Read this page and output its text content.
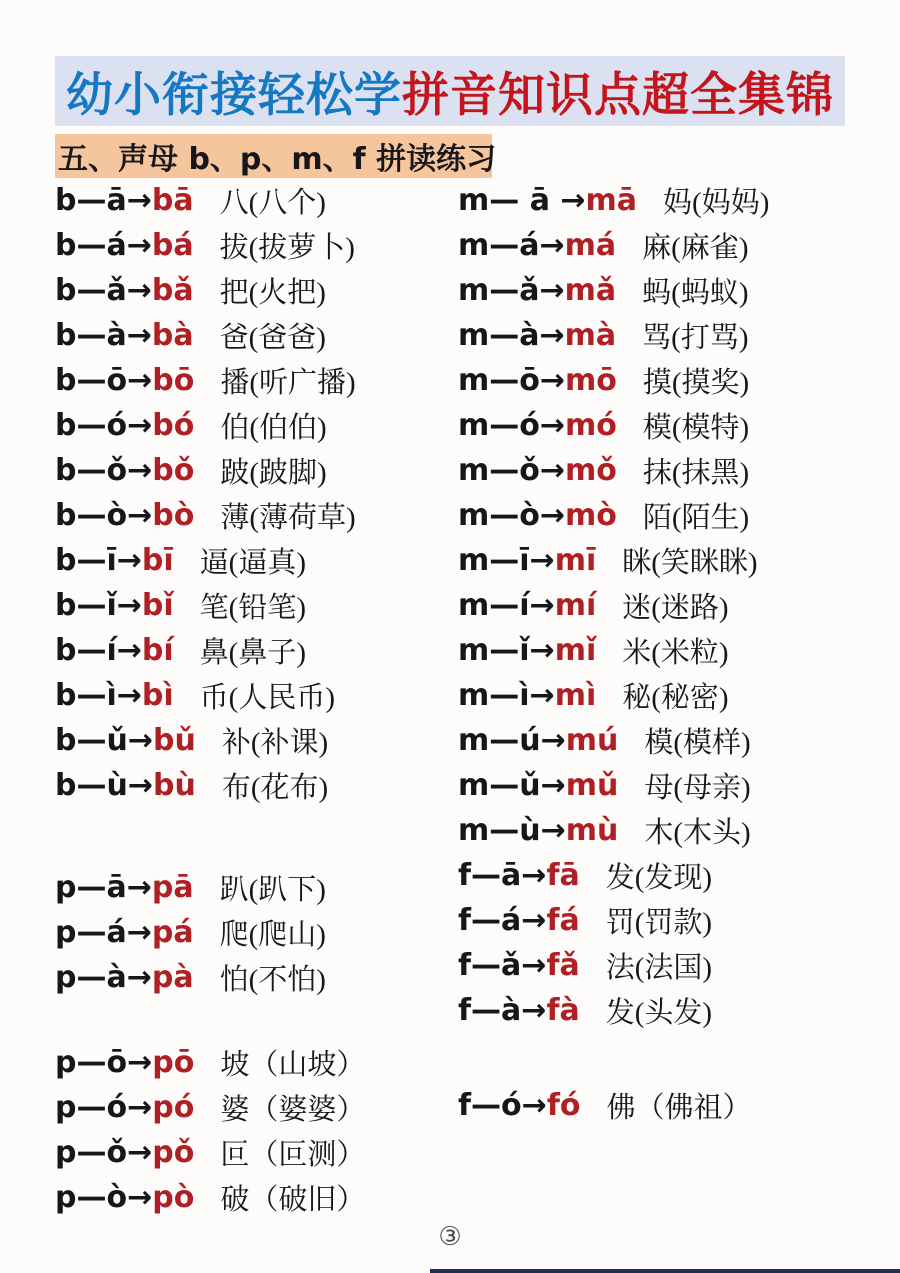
幼小衔接轻松学 拼音知识点超全集锦
五、声母 b、p、m、f 拼读练习
b—ā→ bā 八(八个)
b—á→ bá 拔(拔萝卜)
b—ǎ→ bǎ 把(火把)
b—à→ bà 爸(爸爸)
b—ō→ bō 播(听广播)
b—ó→ bó 伯(伯伯)
b—ǒ→ bǒ 跛(跛脚)
b—ò→ bò 薄(薄荷草)
b—ī→ bī 逼(逼真)
b—ǐ→ bǐ 笔(铅笔)
b—í→ bí 鼻(鼻子)
b—ì→ bì 币(人民币)
b—ǔ→ bǔ 补(补课)
b—ù→ bù 布(花布)
p—ā→ pā 趴(趴下)
p—á→ pá 爬(爬山)
p—à→ pà 怕(不怕)
p—ō→ pō 坡（山坡）
p—ó→ pó 婆（婆婆）
p—ǒ→ pǒ 叵（叵测）
p—ò→ pò 破（破旧）
m— ā → mā 妈(妈妈)
m—á→ má 麻(麻雀)
m—ǎ→ mǎ 蚂(蚂蚁)
m—à→ mà 骂(打骂)
m—ō→ mō 摸(摸奖)
m—ó→ mó 模(模特)
m—ǒ→ mǒ 抹(抹黑)
m—ò→ mò 陌(陌生)
m—ī→ mī 眯(笑眯眯)
m—í→ mí 迷(迷路)
m—ǐ→ mǐ 米(米粒)
m—ì→ mì 秘(秘密)
m—ú→ mú 模(模样)
m—ǔ→ mǔ 母(母亲)
m—ù→ mù 木(木头)
f—ā→ fā 发(发现)
f—á→ fá 罚(罚款)
f—ǎ→ fǎ 法(法国)
f—à→ fà 发(头发)
f—ó→ fó 佛（佛祖）
③
